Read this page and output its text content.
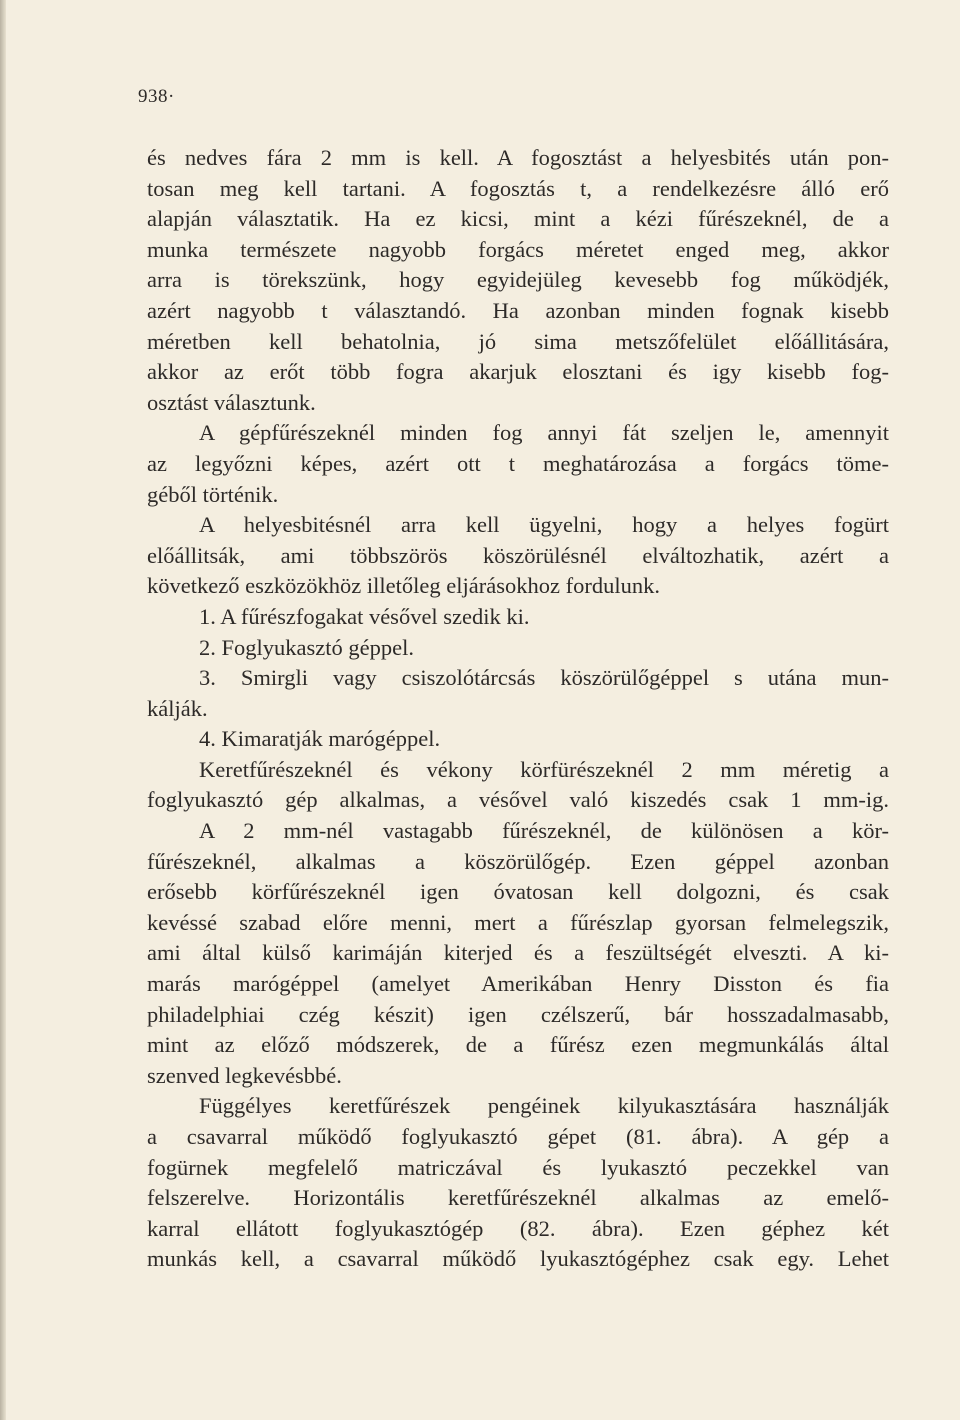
938·
és nedves fára 2 mm is kell. A fogosztást a helyesbités után pon-
tosan meg kell tartani. A fogosztás t, a rendelkezésre álló erő
alapján választatik. Ha ez kicsi, mint a kézi fűrészeknél, de a
munka természete nagyobb forgács méretet enged meg, akkor
arra is törekszünk, hogy egyidejüleg kevesebb fog működjék,
azért nagyobb t választandó. Ha azonban minden fognak kisebb
méretben kell behatolnia, jó sima metszőfelület előállitására,
akkor az erőt több fogra akarjuk elosztani és igy kisebb fog-
osztást választunk.
A gépfűrészeknél minden fog annyi fát szeljen le, amennyit
az legyőzni képes, azért ott t meghatározása a forgács töme-
géből történik.
A helyesbitésnél arra kell ügyelni, hogy a helyes fogürt
előállitsák, ami többszörös köszörülésnél elváltozhatik, azért a
következő eszközökhöz illetőleg eljárásokhoz fordulunk.
1. A fűrészfogakat vésővel szedik ki.
2. Foglyukasztó géppel.
3. Smirgli vagy csiszolótárcsás köszörülőgéppel s utána mun-
kálják.
4. Kimaratják marógéppel.
Keretfűrészeknél és vékony körfürészeknél 2 mm méretig a
foglyukasztó gép alkalmas, a vésővel való kiszedés csak 1 mm-ig.
A 2 mm-nél vastagabb fűrészeknél, de különösen a kör-
fűrészeknél, alkalmas a köszörülőgép. Ezen géppel azonban
erősebb körfűrészeknél igen óvatosan kell dolgozni, és csak
kevéssé szabad előre menni, mert a fűrészlap gyorsan felmelegszik,
ami által külső karimáján kiterjed és a feszültségét elveszti. A ki-
marás marógéppel (amelyet Amerikában Henry Disston és fia
philadelphiai czég készit) igen czélszerű, bár hosszadalmasabb,
mint az előző módszerek, de a fűrész ezen megmunkálás által
szenved legkevésbbé.
Függélyes keretfűrészek pengéinek kilyukasztására használják
a csavarral működő foglyukasztó gépet (81. ábra). A gép a
fogürnek megfelelő matriczával és lyukasztó peczekkel van
felszerelve. Horizontális keretfűrészeknél alkalmas az emelő-
karral ellátott foglyukasztógép (82. ábra). Ezen géphez két
munkás kell, a csavarral működő lyukasztógéphez csak egy. Lehet
